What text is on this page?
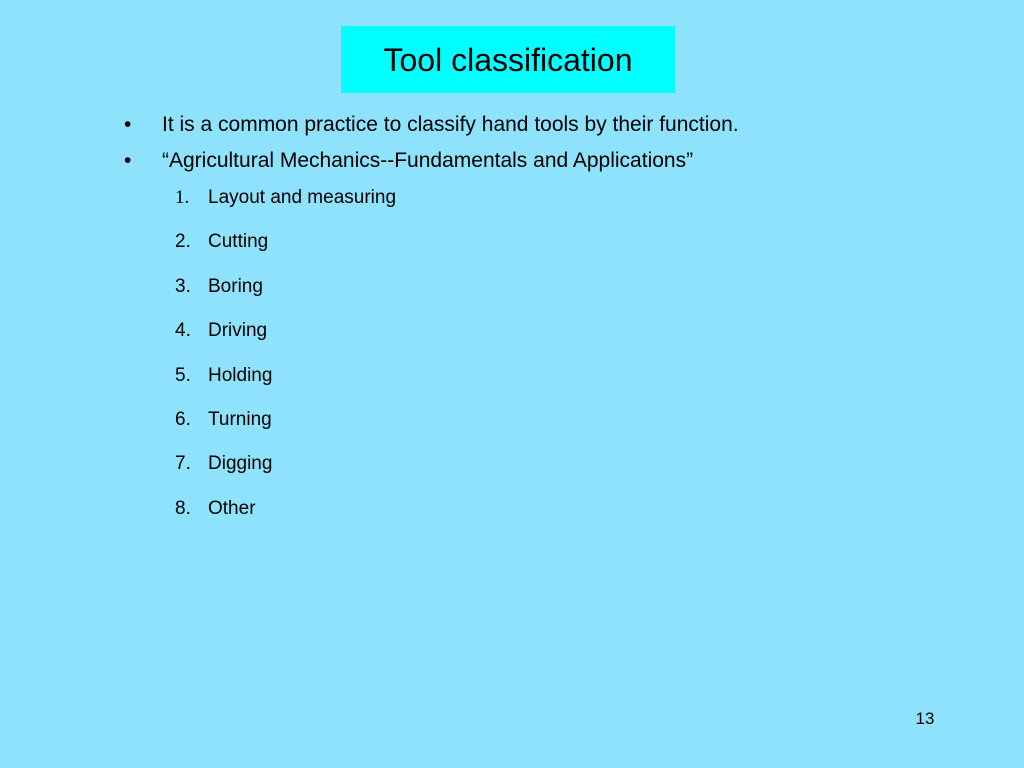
Tool classification
•	It is a common practice to classify hand tools by their function.
•	“Agricultural Mechanics--Fundamentals and Applications”
1. Layout and measuring
2. Cutting
3. Boring
4. Driving
5. Holding
6. Turning
7. Digging
8. Other
13
